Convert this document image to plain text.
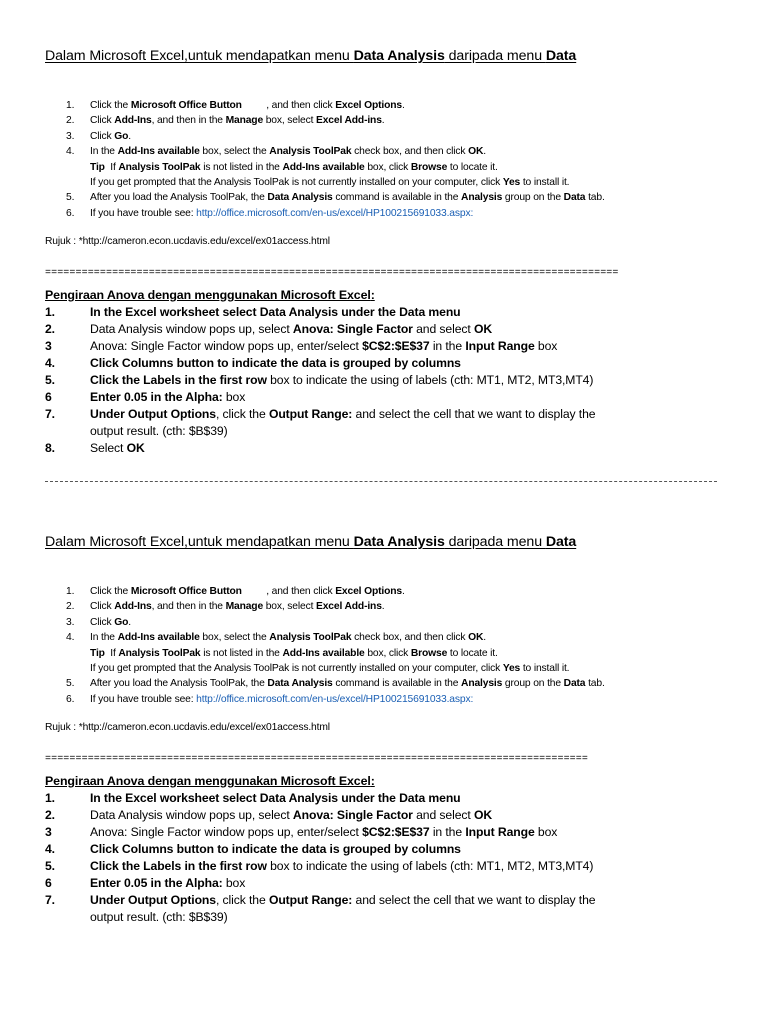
Dalam Microsoft Excel,untuk mendapatkan menu Data Analysis daripada menu Data
1.	Click the Microsoft Office Button         , and then click Excel Options.
2.	Click Add-Ins, and then in the Manage box, select Excel Add-ins.
3.	Click Go.
4.	In the Add-Ins available box, select the Analysis ToolPak check box, and then click OK.
Tip  If Analysis ToolPak is not listed in the Add-Ins available box, click Browse to locate it.
If you get prompted that the Analysis ToolPak is not currently installed on your computer, click Yes to install it.
5.	After you load the Analysis ToolPak, the Data Analysis command is available in the Analysis group on the Data tab.
6.	If you have trouble see: http://office.microsoft.com/en-us/excel/HP100215691033.aspx:
Rujuk : *http://cameron.econ.ucdavis.edu/excel/ex01access.html
==============================================================================================
Pengiraan Anova dengan menggunakan Microsoft Excel:
1.	In the Excel worksheet select Data Analysis under the Data menu
2.	Data Analysis window pops up, select Anova: Single Factor and select OK
3	Anova: Single Factor window pops up, enter/select $C$2:$E$37 in the Input Range box
4.	Click Columns button to indicate the data is grouped by columns
5.	Click the Labels in the first row box to indicate the using of labels (cth: MT1, MT2, MT3,MT4)
6	Enter 0.05 in the Alpha: box
7.	Under Output Options, click the Output Range: and select the cell that we want to display the
output result. (cth: $B$39)
8.	Select OK
Dalam Microsoft Excel,untuk mendapatkan menu Data Analysis daripada menu Data
1.	Click the Microsoft Office Button         , and then click Excel Options.
2.	Click Add-Ins, and then in the Manage box, select Excel Add-ins.
3.	Click Go.
4.	In the Add-Ins available box, select the Analysis ToolPak check box, and then click OK.
Tip  If Analysis ToolPak is not listed in the Add-Ins available box, click Browse to locate it.
If you get prompted that the Analysis ToolPak is not currently installed on your computer, click Yes to install it.
5.	After you load the Analysis ToolPak, the Data Analysis command is available in the Analysis group on the Data tab.
6.	If you have trouble see: http://office.microsoft.com/en-us/excel/HP100215691033.aspx:
Rujuk : *http://cameron.econ.ucdavis.edu/excel/ex01access.html
=========================================================================================
Pengiraan Anova dengan menggunakan Microsoft Excel:
1.	In the Excel worksheet select Data Analysis under the Data menu
2.	Data Analysis window pops up, select Anova: Single Factor and select OK
3	Anova: Single Factor window pops up, enter/select $C$2:$E$37 in the Input Range box
4.	Click Columns button to indicate the data is grouped by columns
5.	Click the Labels in the first row box to indicate the using of labels (cth: MT1, MT2, MT3,MT4)
6	Enter 0.05 in the Alpha: box
7.	Under Output Options, click the Output Range: and select the cell that we want to display the
output result. (cth: $B$39)
